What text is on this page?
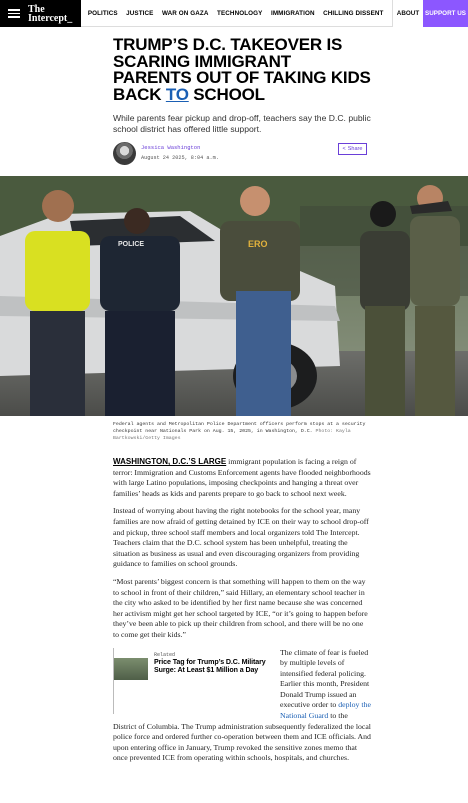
The
Intercept_ POLITICS JUSTICE WAR ON GAZA TECHNOLOGY IMMIGRATION CHILLING DISSENT	ABOUT SUPPORT US
TRUMP’S D.C. TAKEOVER IS SCARING IMMIGRANT PARENTS OUT OF TAKING KIDS BACK TO SCHOOL
While parents fear pickup and drop-off, teachers say the D.C. public school district has offered little support.
Jessica Washington
August 24 2025, 8:04 a.m.
< Share
POLICE	ERO
Federal agents and Metropolitan Police Department officers perform stops at a security checkpoint near Nationals Park on Aug. 15, 2025, in Washington, D.C. Photo: Kayla Bartkowski/Getty Images

WASHINGTON, D.C.’S LARGE immigrant population is facing a reign of terror: Immigration and Customs Enforcement agents have flooded neighborhoods with large Latino populations, imposing checkpoints and hanging a threat over families’ heads as kids and parents prepare to go back to school next week.

Instead of worrying about having the right notebooks for the school year, many families are now afraid of getting detained by ICE on their way to school drop-off and pickup, three school staff members and local organizers told The Intercept. Teachers claim that the D.C. school system has been unhelpful, treating the situation as business as usual and even discouraging organizers from providing guidance to families on school grounds.

“Most parents’ biggest concern is that something will happen to them on the way to school in front of their children,” said Hillary, an elementary school teacher in the city who asked to be identified by her first name because she was concerned her activism might get her school targeted by ICE, “or it’s going to happen before they’ve been able to pick up their children from school, and there will be no one to come get their kids.”

Related
Price Tag for Trump’s D.C. Military Surge: At Least $1 Million a Day

The climate of fear is fueled by multiple levels of intensified federal policing. Earlier this month, President Donald Trump issued an executive order to deploy the National Guard to the District of Columbia. The Trump administration subsequently federalized the local police force and ordered further co-operation between them and ICE officials. And upon entering office in January, Trump revoked the sensitive zones memo that once prevented ICE from operating within schools, hospitals, and churches.
